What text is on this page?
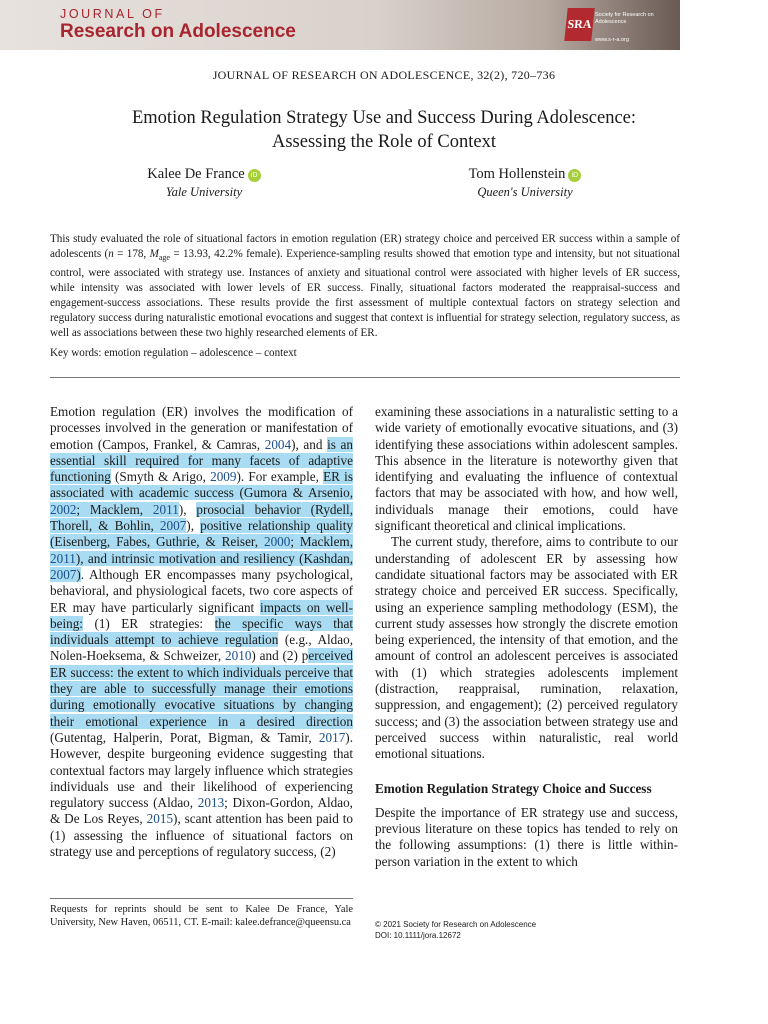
JOURNAL OF
Research on Adolescence	SRA
Society for Research on Adolescence
www.s-r-a.org
JOURNAL OF RESEARCH ON ADOLESCENCE, 32(2), 720–736
Emotion Regulation Strategy Use and Success During Adolescence:
Assessing the Role of Context
Kalee De France iD
Yale University
Tom Hollenstein iD
Queen's University
This study evaluated the role of situational factors in emotion regulation (ER) strategy choice and perceived ER success within a sample of adolescents (n = 178, $M_{age} = 13.93$, 42.2% female). Experience-sampling results showed that emotion type and intensity, but not situational control, were associated with strategy use. Instances of anxiety and situational control were associated with higher levels of ER success, while intensity was associated with lower levels of ER success. Finally, situational factors moderated the reappraisal-success and engagement-success associations. These results provide the first assessment of multiple contextual factors on strategy selection and regulatory success during naturalistic emotional evocations and suggest that context is influential for strategy selection, regulatory success, as well as associations between these two highly researched elements of ER.
Key words: emotion regulation – adolescence – context

Emotion regulation (ER) involves the modification of processes involved in the generation or manifestation of emotion (Campos, Frankel, & Camras, 2004), and is an essential skill required for many facets of adaptive functioning (Smyth & Arigo, 2009). For example, ER is associated with academic success (Gumora & Arsenio, 2002; Macklem, 2011), prosocial behavior (Rydell, Thorell, & Bohlin, 2007), positive relationship quality (Eisenberg, Fabes, Guthrie, & Reiser, 2000; Macklem, 2011), and intrinsic motivation and resiliency (Kashdan, 2007). Although ER encompasses many psychological, behavioral, and physiological facets, two core aspects of ER may have particularly significant impacts on well-being: (1) ER strategies: the specific ways that individuals attempt to achieve regulation (e.g., Aldao, Nolen-Hoeksema, & Schweizer, 2010) and (2) perceived ER success: the extent to which individuals perceive that they are able to successfully manage their emotions during emotionally evocative situations by changing their emotional experience in a desired direction (Gutentag, Halperin, Porat, Bigman, & Tamir, 2017). However, despite burgeoning evidence suggesting that contextual factors may largely influence which strategies individuals use and their likelihood of experiencing regulatory success (Aldao, 2013; Dixon-Gordon, Aldao, & De Los Reyes, 2015), scant attention has been paid to (1) assessing the influence of situational factors on strategy use and perceptions of regulatory success, (2)

examining these associations in a naturalistic setting to a wide variety of emotionally evocative situations, and (3) identifying these associations within adolescent samples. This absence in the literature is noteworthy given that identifying and evaluating the influence of contextual factors that may be associated with how, and how well, individuals manage their emotions, could have significant theoretical and clinical implications.

The current study, therefore, aims to contribute to our understanding of adolescent ER by assessing how candidate situational factors may be associated with ER strategy choice and perceived ER success. Specifically, using an experience sampling methodology (ESM), the current study assesses how strongly the discrete emotion being experienced, the intensity of that emotion, and the amount of control an adolescent perceives is associated with (1) which strategies adolescents implement (distraction, reappraisal, rumination, relaxation, suppression, and engagement); (2) perceived regulatory success; and (3) the association between strategy use and perceived success within naturalistic, real world emotional situations.

Emotion Regulation Strategy Choice and Success

Despite the importance of ER strategy use and success, previous literature on these topics has tended to rely on the following assumptions: (1) there is little within-person variation in the extent to which

Requests for reprints should be sent to Kalee De France, Yale University, New Haven, 06511, CT. E-mail: kalee.defrance@queensu.ca	© 2021 Society for Research on Adolescence
DOI: 10.1111/jora.12672
